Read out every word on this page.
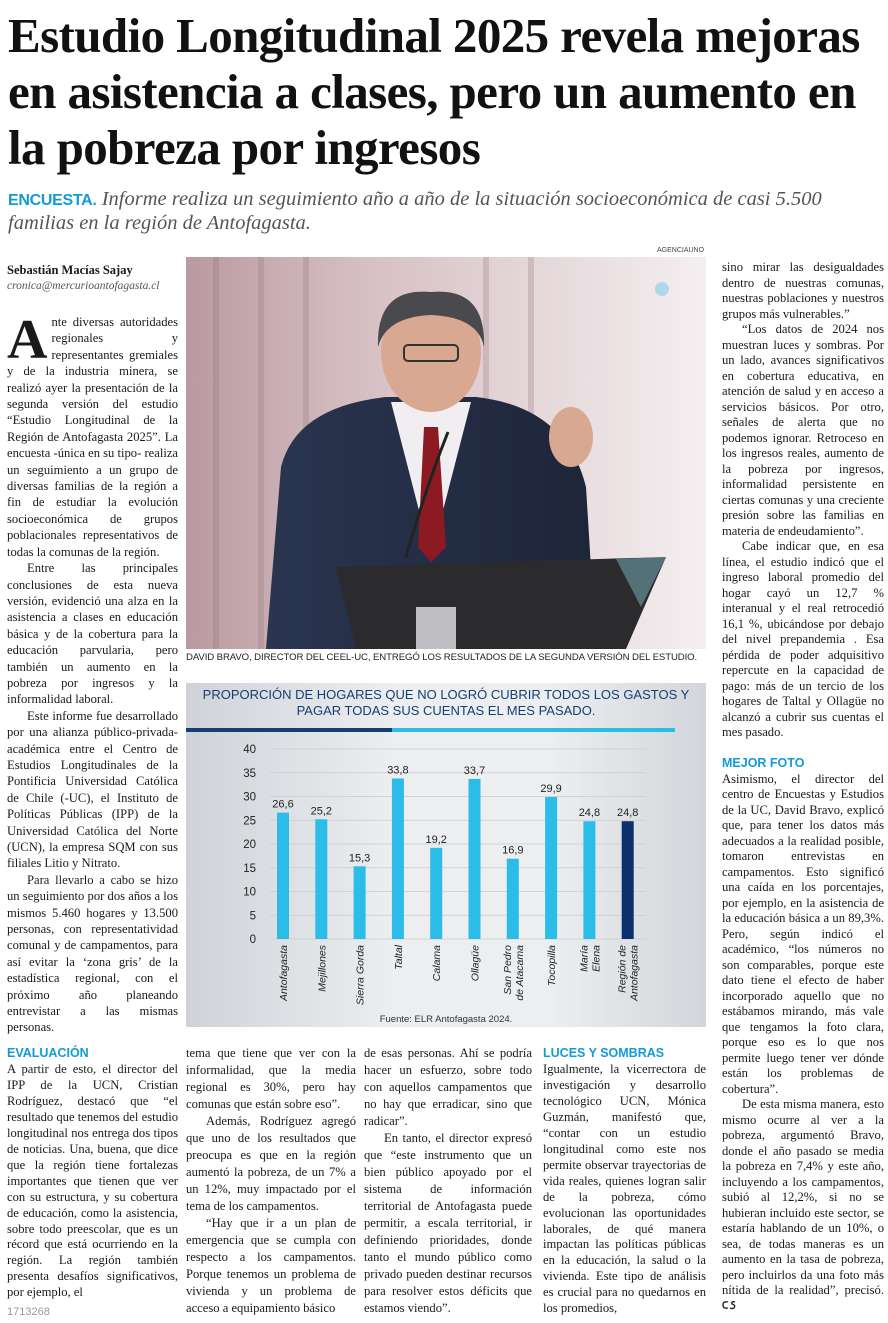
Estudio Longitudinal 2025 revela mejoras en asistencia a clases, pero un aumento en la pobreza por ingresos
ENCUESTA. Informe realiza un seguimiento año a año de la situación socioeconómica de casi 5.500 familias en la región de Antofagasta.
Sebastián Macías Sajay
cronica@mercurioantofagasta.cl

Ante diversas autoridades regionales y representantes gremiales y de la industria minera, se realizó ayer la presentación de la segunda versión del estudio “Estudio Longitudinal de la Región de Antofagasta 2025”. La encuesta -única en su tipo- realiza un seguimiento a un grupo de diversas familias de la región a fin de estudiar la evolución socioeconómica de grupos poblacionales representativos de todas la comunas de la región.

Entre las principales conclusiones de esta nueva versión, evidenció una alza en la asistencia a clases en educación básica y de la cobertura para la educación parvularia, pero también un aumento en la pobreza por ingresos y la informalidad laboral.

Este informe fue desarrollado por una alianza público-privada-académica entre el Centro de Estudios Longitudinales de la Pontificia Universidad Católica de Chile (-UC), el Instituto de Políticas Públicas (IPP) de la Universidad Católica del Norte (UCN), la empresa SQM con sus filiales Litio y Nitrato.

Para llevarlo a cabo se hizo un seguimiento por dos años a los mismos 5.460 hogares y 13.500 personas, con representatividad comunal y de campamentos, para así evitar la ‘zona gris’ de la estadística regional, con el próximo año planeando entrevistar a las mismas personas.

AGENCIAUNO
DAVID BRAVO, DIRECTOR DEL CEEL-UC, ENTREGÓ LOS RESULTADOS DE LA SEGUNDA VERSIÓN DEL ESTUDIO.
PROPORCIÓN DE HOGARES QUE NO LOGRÓ CUBRIR TODOS LOS GASTOS Y PAGAR TODAS SUS CUENTAS EL MES PASADO.
0
5
10
15
20
25
30
35
40
26,6
Antofagasta
25,2
Mejillones
15,3
Sierra Gorda
33,8
Taltal
19,2
Calama
33,7
Ollagüe
16,9
San Pedrode Atacama
29,9
Tocopilla
24,8
MaríaElena
24,8
Región deAntofagasta
Fuente: ELR Antofagasta 2024.
EVALUACIÓN

A partir de esto, el director del IPP de la UCN, Cristian Rodríguez, destacó que “el resultado que tenemos del estudio longitudinal nos entrega dos tipos de noticias. Una, buena, que dice que la región tiene fortalezas importantes que tienen que ver con su estructura, y su cobertura de educación, como la asistencia, sobre todo preescolar, que es un récord que está ocurriendo en la región. La región también presenta desafíos significativos, por ejemplo, el

tema que tiene que ver con la informalidad, que la media regional es 30%, pero hay comunas que están sobre eso”.

Además, Rodríguez agregó que uno de los resultados que preocupa es que en la región aumentó la pobreza, de un 7% a un 12%, muy impactado por el tema de los campamentos.

“Hay que ir a un plan de emergencia que se cumpla con respecto a los campamentos. Porque tenemos un problema de vivienda y un problema de acceso a equipamiento básico

de esas personas. Ahí se podría hacer un esfuerzo, sobre todo con aquellos campamentos que no hay que erradicar, sino que radicar”.

En tanto, el director expresó que “este instrumento que un bien público apoyado por el sistema de información territorial de Antofagasta puede permitir, a escala territorial, ir definiendo prioridades, donde tanto el mundo público como privado pueden destinar recursos para resolver estos déficits que estamos viendo”.

LUCES Y SOMBRAS

Igualmente, la vicerrectora de investigación y desarrollo tecnológico UCN, Mónica Guzmán, manifestó que, “contar con un estudio longitudinal como este nos permite observar trayectorias de vida reales, quienes logran salir de la pobreza, cómo evolucionan las oportunidades laborales, de qué manera impactan las políticas públicas en la educación, la salud o la vivienda. Este tipo de análisis es crucial para no quedarnos en los promedios,

sino mirar las desigualdades dentro de nuestras comunas, nuestras poblaciones y nuestros grupos más vulnerables.”

“Los datos de 2024 nos muestran luces y sombras. Por un lado, avances significativos en cobertura educativa, en atención de salud y en acceso a servicios básicos. Por otro, señales de alerta que no podemos ignorar. Retroceso en los ingresos reales, aumento de la pobreza por ingresos, informalidad persistente en ciertas comunas y una creciente presión sobre las familias en materia de endeudamiento”.

Cabe indicar que, en esa línea, el estudio indicó que el ingreso laboral promedio del hogar cayó un 12,7 % interanual y el real retrocedió 16,1 %, ubicándose por debajo del nivel prepandemia . Esa pérdida de poder adquisitivo repercute en la capacidad de pago: más de un tercio de los hogares de Taltal y Ollagüe no alcanzó a cubrir sus cuentas el mes pasado.

MEJOR FOTO

Asimismo, el director del centro de Encuestas y Estudios de la UC, David Bravo, explicó que, para tener los datos más adecuados a la realidad posible, tomaron entrevistas en campamentos. Esto significó una caída en los porcentajes, por ejemplo, en la asistencia de la educación básica a un 89,3%. Pero, según indicó el académico, “los números no son comparables, porque este dato tiene el efecto de haber incorporado aquello que no estábamos mirando, más vale que tengamos la foto clara, porque eso es lo que nos permite luego tener ver dónde están los problemas de cobertura”.

De esta misma manera, esto mismo ocurre al ver a la pobreza, argumentó Bravo, donde el año pasado se media la pobreza en 7,4% y este año, incluyendo a los campamentos, subió al 12,2%, si no se hubieran incluido este sector, se estaría hablando de un 10%, o sea, de todas maneras es un aumento en la tasa de pobreza, pero incluirlos da una foto más nítida de la realidad”, precisó.

1713268
